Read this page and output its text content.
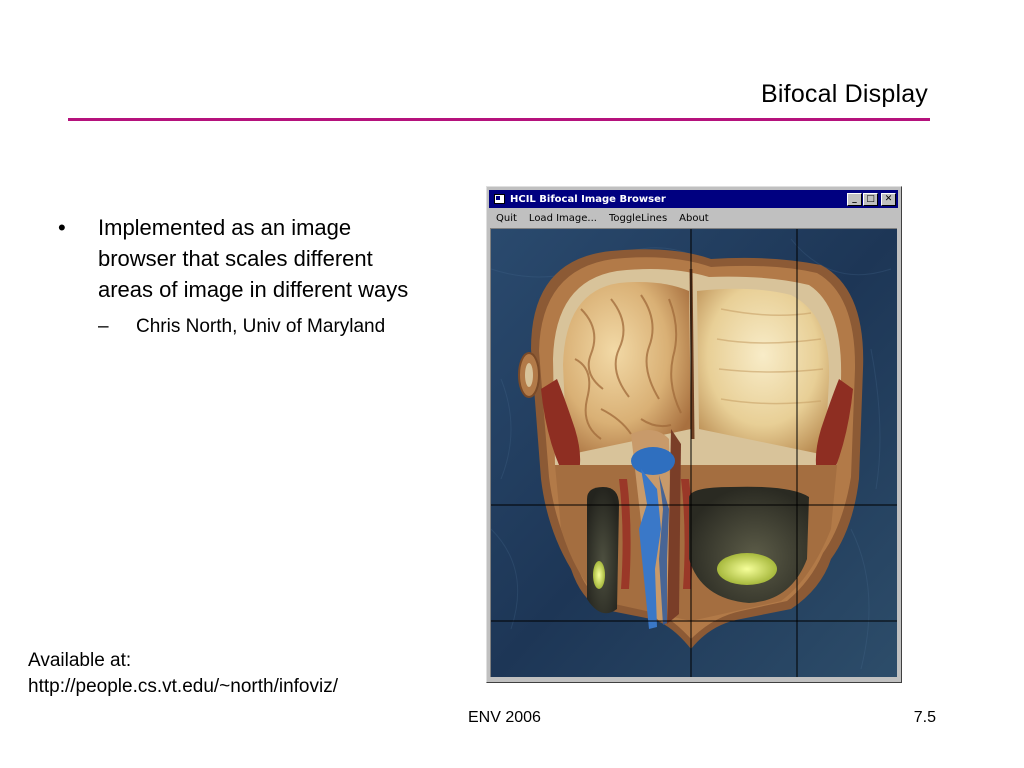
Bifocal Display
•	Implemented as an image browser that scales different areas of image in different ways
–	Chris North, Univ of Maryland
Available at:
http://people.cs.vt.edu/~north/infoviz/
ENV 2006	7.5
HCIL Bifocal Image Browser	_	□	✕
Quit	Load Image...	ToggleLines	About
